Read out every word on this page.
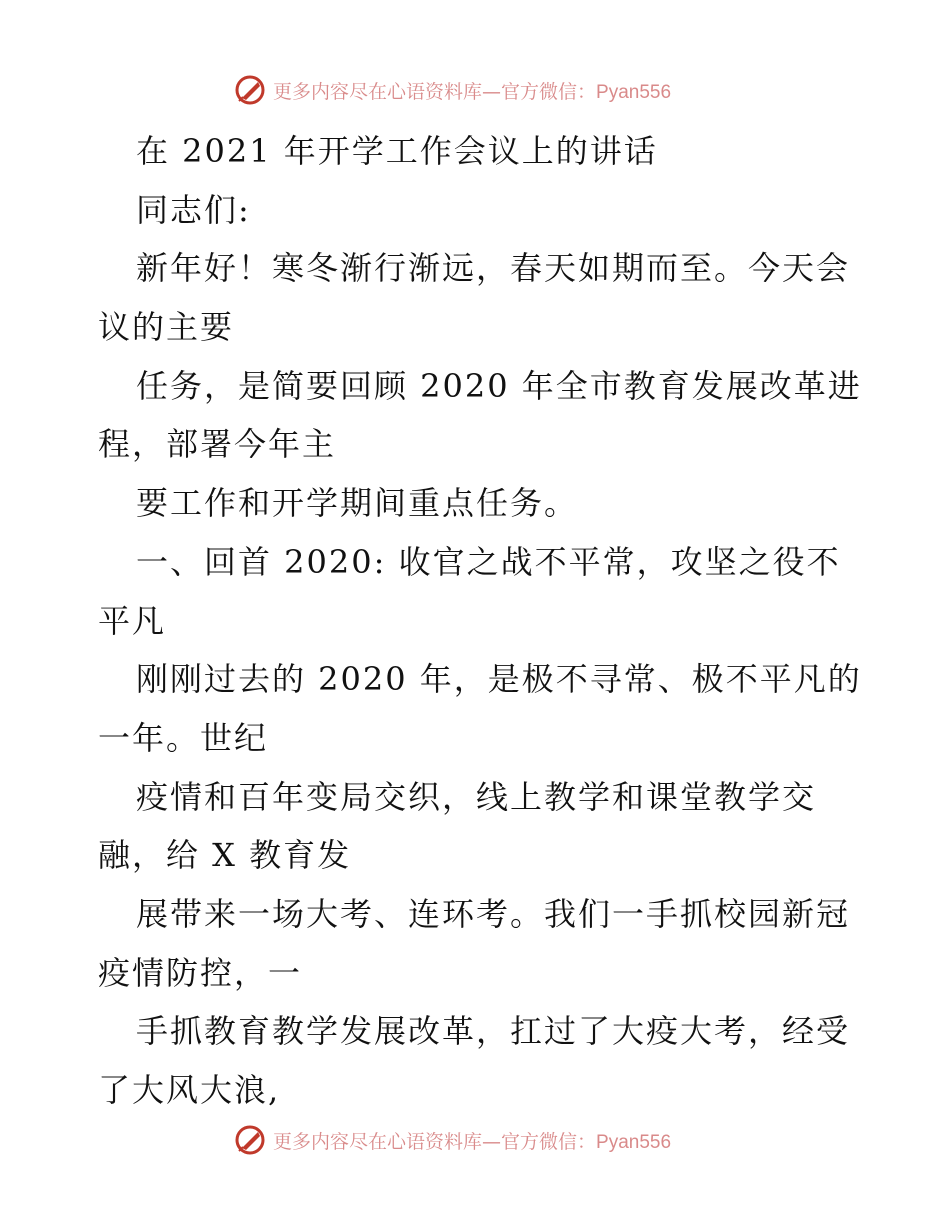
更多内容尽在心语资料库—官方微信：Pyan556
在 2021 年开学工作会议上的讲话
同志们:
新年好！寒冬渐行渐远，春天如期而至。今天会
议的主要
任务，是简要回顾 2020 年全市教育发展改革进
程，部署今年主
要工作和开学期间重点任务。
一、回首 2020: 收官之战不平常，攻坚之役不
平凡
刚刚过去的 2020 年，是极不寻常、极不平凡的
一年。世纪
疫情和百年变局交织，线上教学和课堂教学交
融，给 X 教育发
展带来一场大考、连环考。我们一手抓校园新冠
疫情防控，一
手抓教育教学发展改革，扛过了大疫大考，经受
了大风大浪,
更多内容尽在心语资料库—官方微信：Pyan556
